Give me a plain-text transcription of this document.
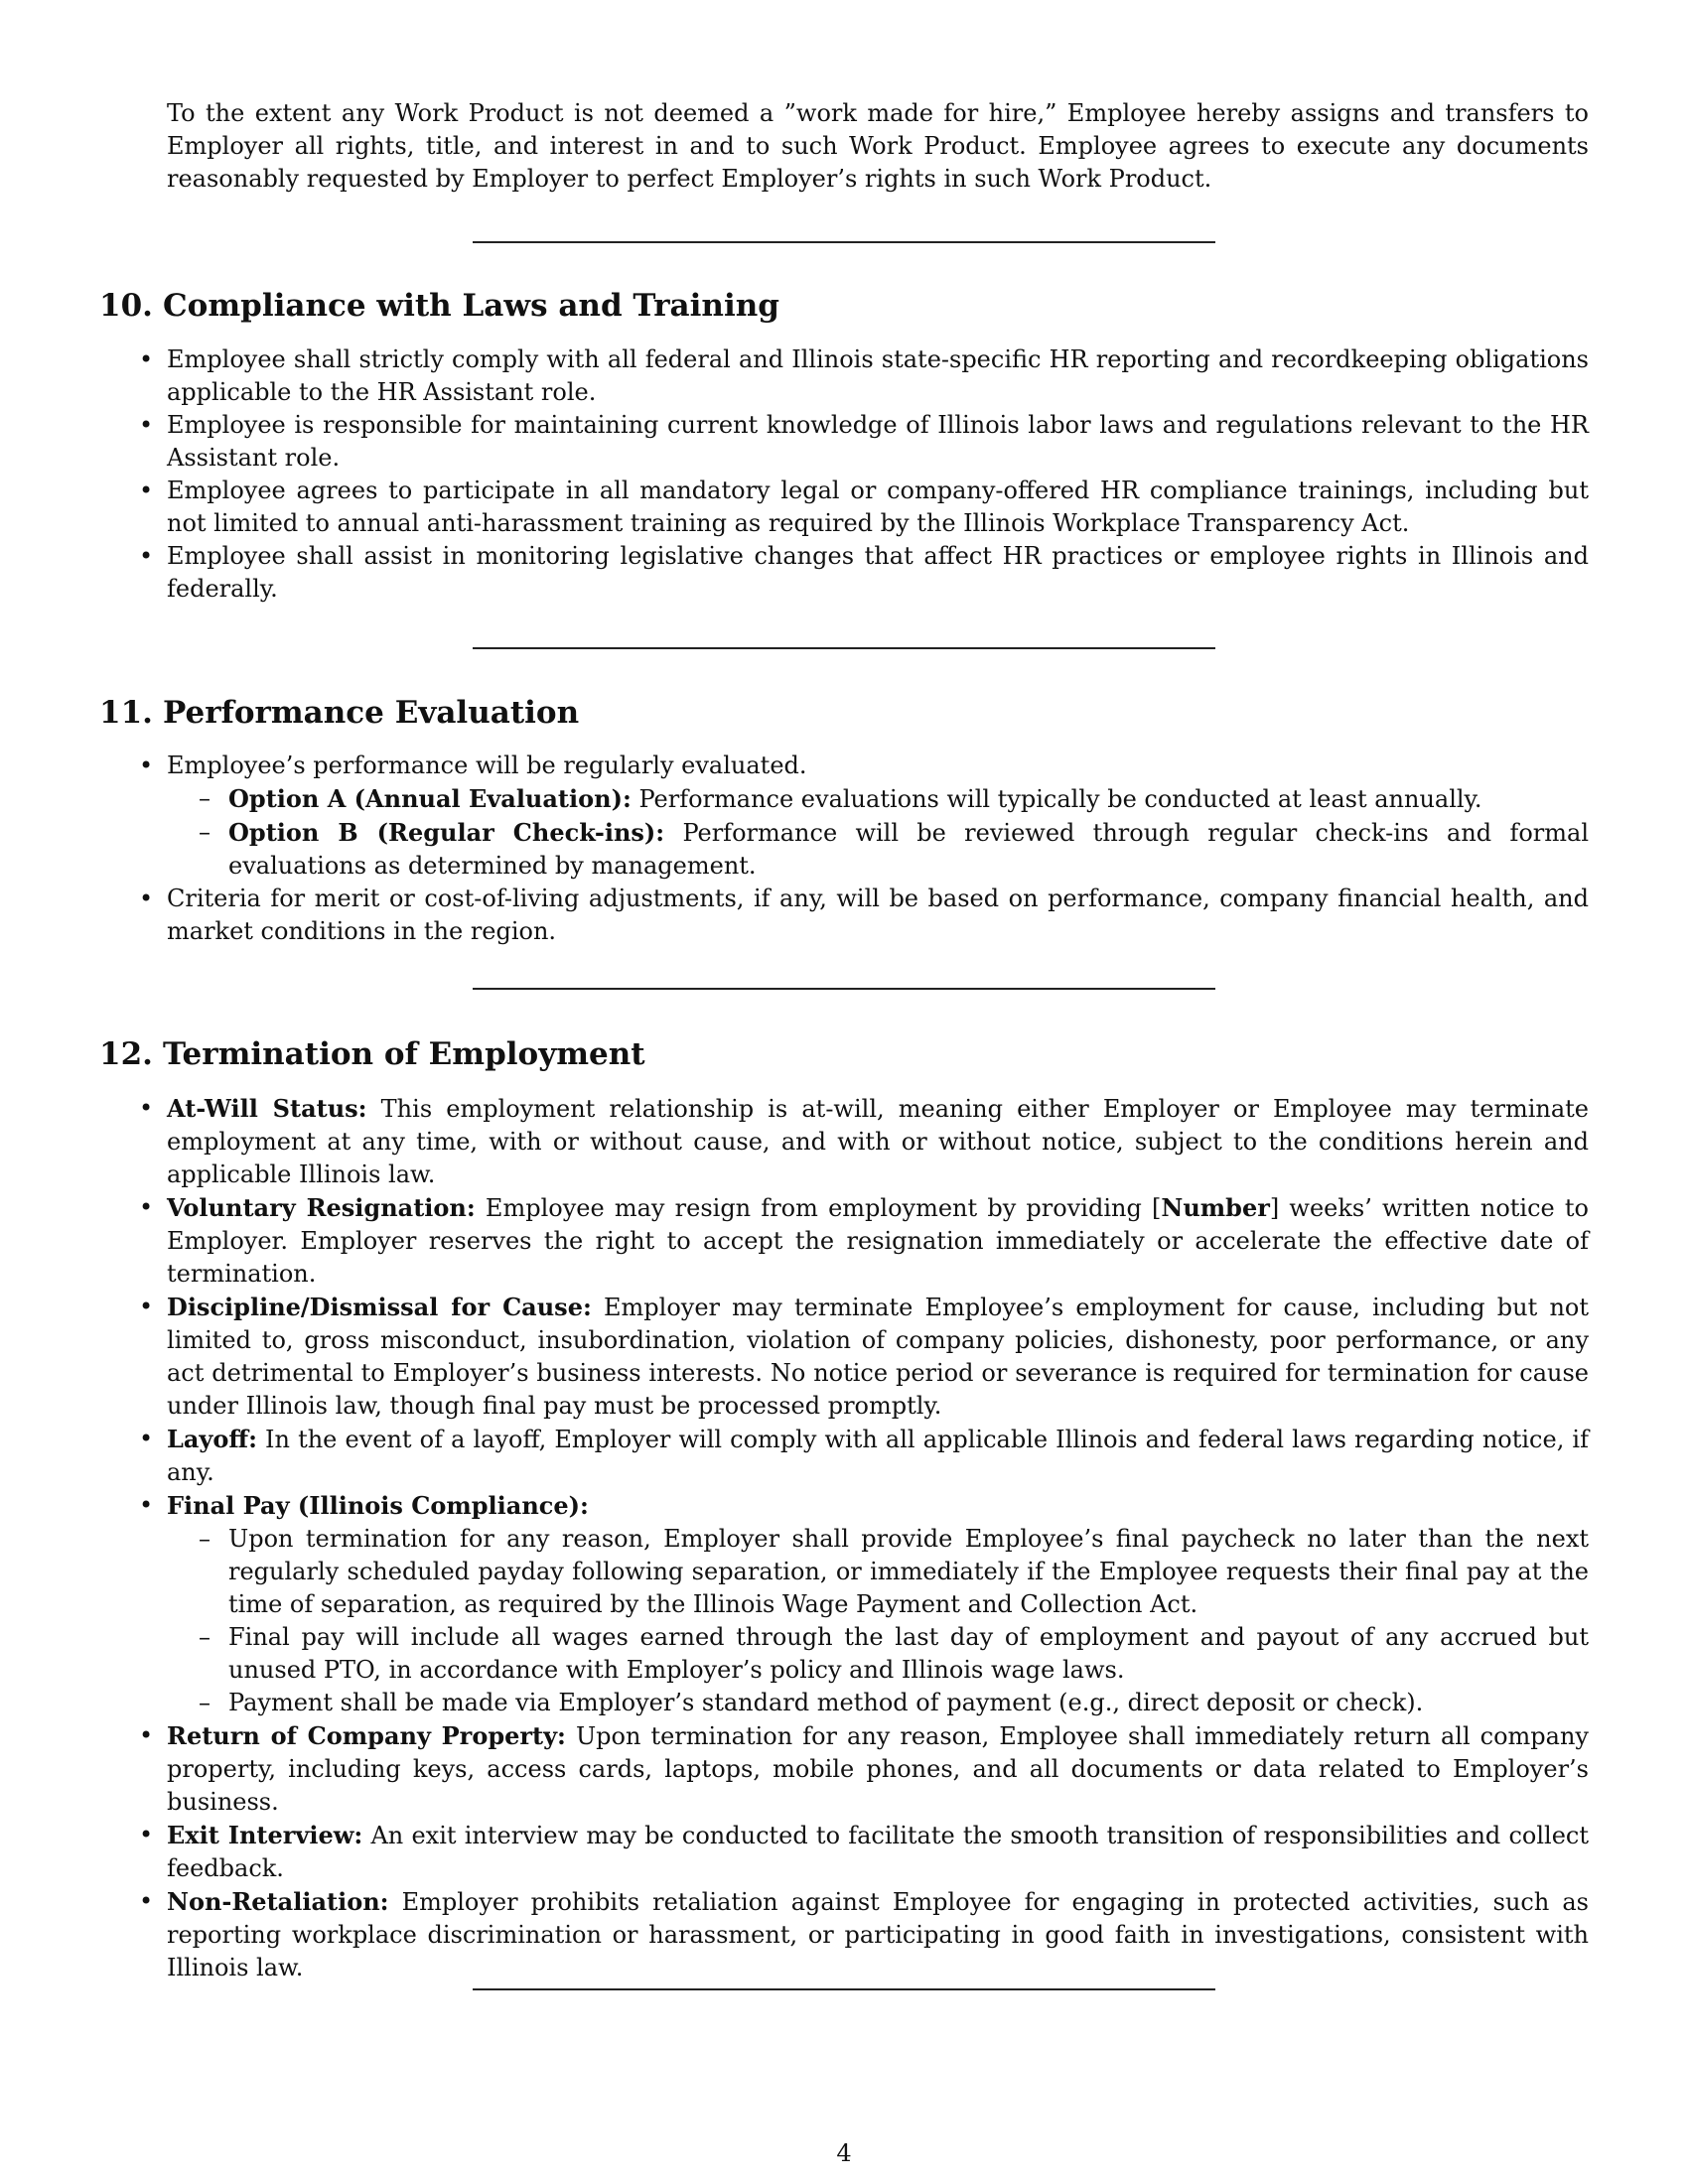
To the extent any Work Product is not deemed a ”work made for hire,” Employee hereby assigns and transfers to Employer all rights, title, and interest in and to such Work Product. Employee agrees to execute any documents reasonably requested by Employer to perfect Employer’s rights in such Work Product.

10. Compliance with Laws and Training
• Employee shall strictly comply with all federal and Illinois state-specific HR reporting and recordkeeping obligations applicable to the HR Assistant role.
• Employee is responsible for maintaining current knowledge of Illinois labor laws and regulations relevant to the HR Assistant role.
• Employee agrees to participate in all mandatory legal or company-offered HR compliance trainings, including but not limited to annual anti-harassment training as required by the Illinois Workplace Transparency Act.
• Employee shall assist in monitoring legislative changes that affect HR practices or employee rights in Illinois and federally.
11. Performance Evaluation
• Employee’s performance will be regularly evaluated.
– Option A (Annual Evaluation): Performance evaluations will typically be conducted at least annually.
– Option B (Regular Check-ins): Performance will be reviewed through regular check-ins and formal evaluations as determined by management.
• Criteria for merit or cost-of-living adjustments, if any, will be based on performance, company financial health, and market conditions in the region.
12. Termination of Employment
• At-Will Status: This employment relationship is at-will, meaning either Employer or Employee may terminate employment at any time, with or without cause, and with or without notice, subject to the conditions herein and applicable Illinois law.
• Voluntary Resignation: Employee may resign from employment by providing [Number] weeks’ written notice to Employer. Employer reserves the right to accept the resignation immediately or accelerate the effective date of termination.
• Discipline/Dismissal for Cause: Employer may terminate Employee’s employment for cause, including but not limited to, gross misconduct, insubordination, violation of company policies, dishonesty, poor performance, or any act detrimental to Employer’s business interests. No notice period or severance is required for termination for cause under Illinois law, though final pay must be processed promptly.
• Layoff: In the event of a layoff, Employer will comply with all applicable Illinois and federal laws regarding notice, if any.
• Final Pay (Illinois Compliance):
– Upon termination for any reason, Employer shall provide Employee’s final paycheck no later than the next regularly scheduled payday following separation, or immediately if the Employee requests their final pay at the time of separation, as required by the Illinois Wage Payment and Collection Act.
– Final pay will include all wages earned through the last day of employment and payout of any accrued but unused PTO, in accordance with Employer’s policy and Illinois wage laws.
– Payment shall be made via Employer’s standard method of payment (e.g., direct deposit or check).
• Return of Company Property: Upon termination for any reason, Employee shall immediately return all company property, including keys, access cards, laptops, mobile phones, and all documents or data related to Employer’s business.
• Exit Interview: An exit interview may be conducted to facilitate the smooth transition of responsibilities and collect feedback.
• Non-Retaliation: Employer prohibits retaliation against Employee for engaging in protected activities, such as reporting workplace discrimination or harassment, or participating in good faith in investigations, consistent with Illinois law.
4
